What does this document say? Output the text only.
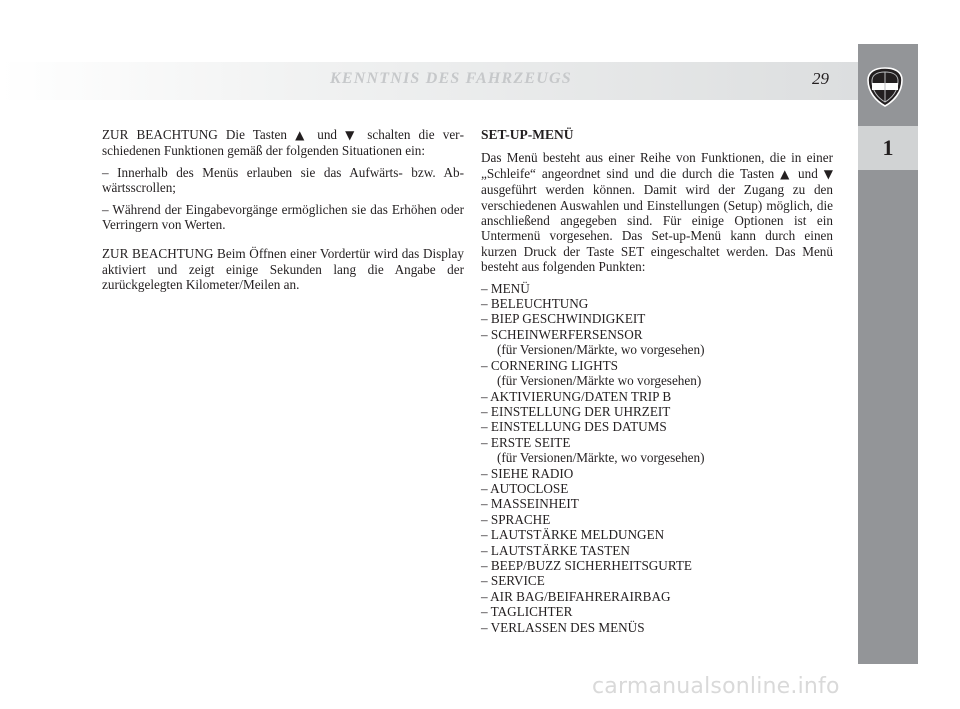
KENNTNIS DES FAHRZEUGS	29
1

ZUR BEACHTUNG Die Tasten ▲ und ▼ schalten die verschiedenen Funktionen gemäß der folgenden Situationen ein:

– Innerhalb des Menüs erlauben sie das Aufwärts- bzw. Abwärtsscrollen;

– Während der Eingabevorgänge ermöglichen sie das Erhöhen oder Verringern von Werten.

ZUR BEACHTUNG Beim Öffnen einer Vordertür wird das Display aktiviert und zeigt einige Sekunden lang die Angabe der zurückgelegten Kilometer/Meilen an.

SET-UP-MENÜ

Das Menü besteht aus einer Reihe von Funktionen, die in einer „Schleife“ angeordnet sind und die durch die Tasten ▲ und ▼ ausgeführt werden können. Damit wird der Zugang zu den verschiedenen Auswahlen und Einstellungen (Setup) möglich, die anschließend angegeben sind. Für einige Optionen ist ein Untermenü vorgesehen. Das Set-up-Menü kann durch einen kurzen Druck der Taste SET eingeschaltet werden. Das Menü besteht aus folgenden Punkten:

– MENÜ
– BELEUCHTUNG
– BIEP GESCHWINDIGKEIT
– SCHEINWERFERSENSOR
(für Versionen/Märkte, wo vorgesehen)
– CORNERING LIGHTS
(für Versionen/Märkte wo vorgesehen)
– AKTIVIERUNG/DATEN TRIP B
– EINSTELLUNG DER UHRZEIT
– EINSTELLUNG DES DATUMS
– ERSTE SEITE
(für Versionen/Märkte, wo vorgesehen)
– SIEHE RADIO
– AUTOCLOSE
– MASSEINHEIT
– SPRACHE
– LAUTSTÄRKE MELDUNGEN
– LAUTSTÄRKE TASTEN
– BEEP/BUZZ SICHERHEITSGURTE
– SERVICE
– AIR BAG/BEIFAHRERAIRBAG
– TAGLICHTER
– VERLASSEN DES MENÜS
carmanualsonline.info
